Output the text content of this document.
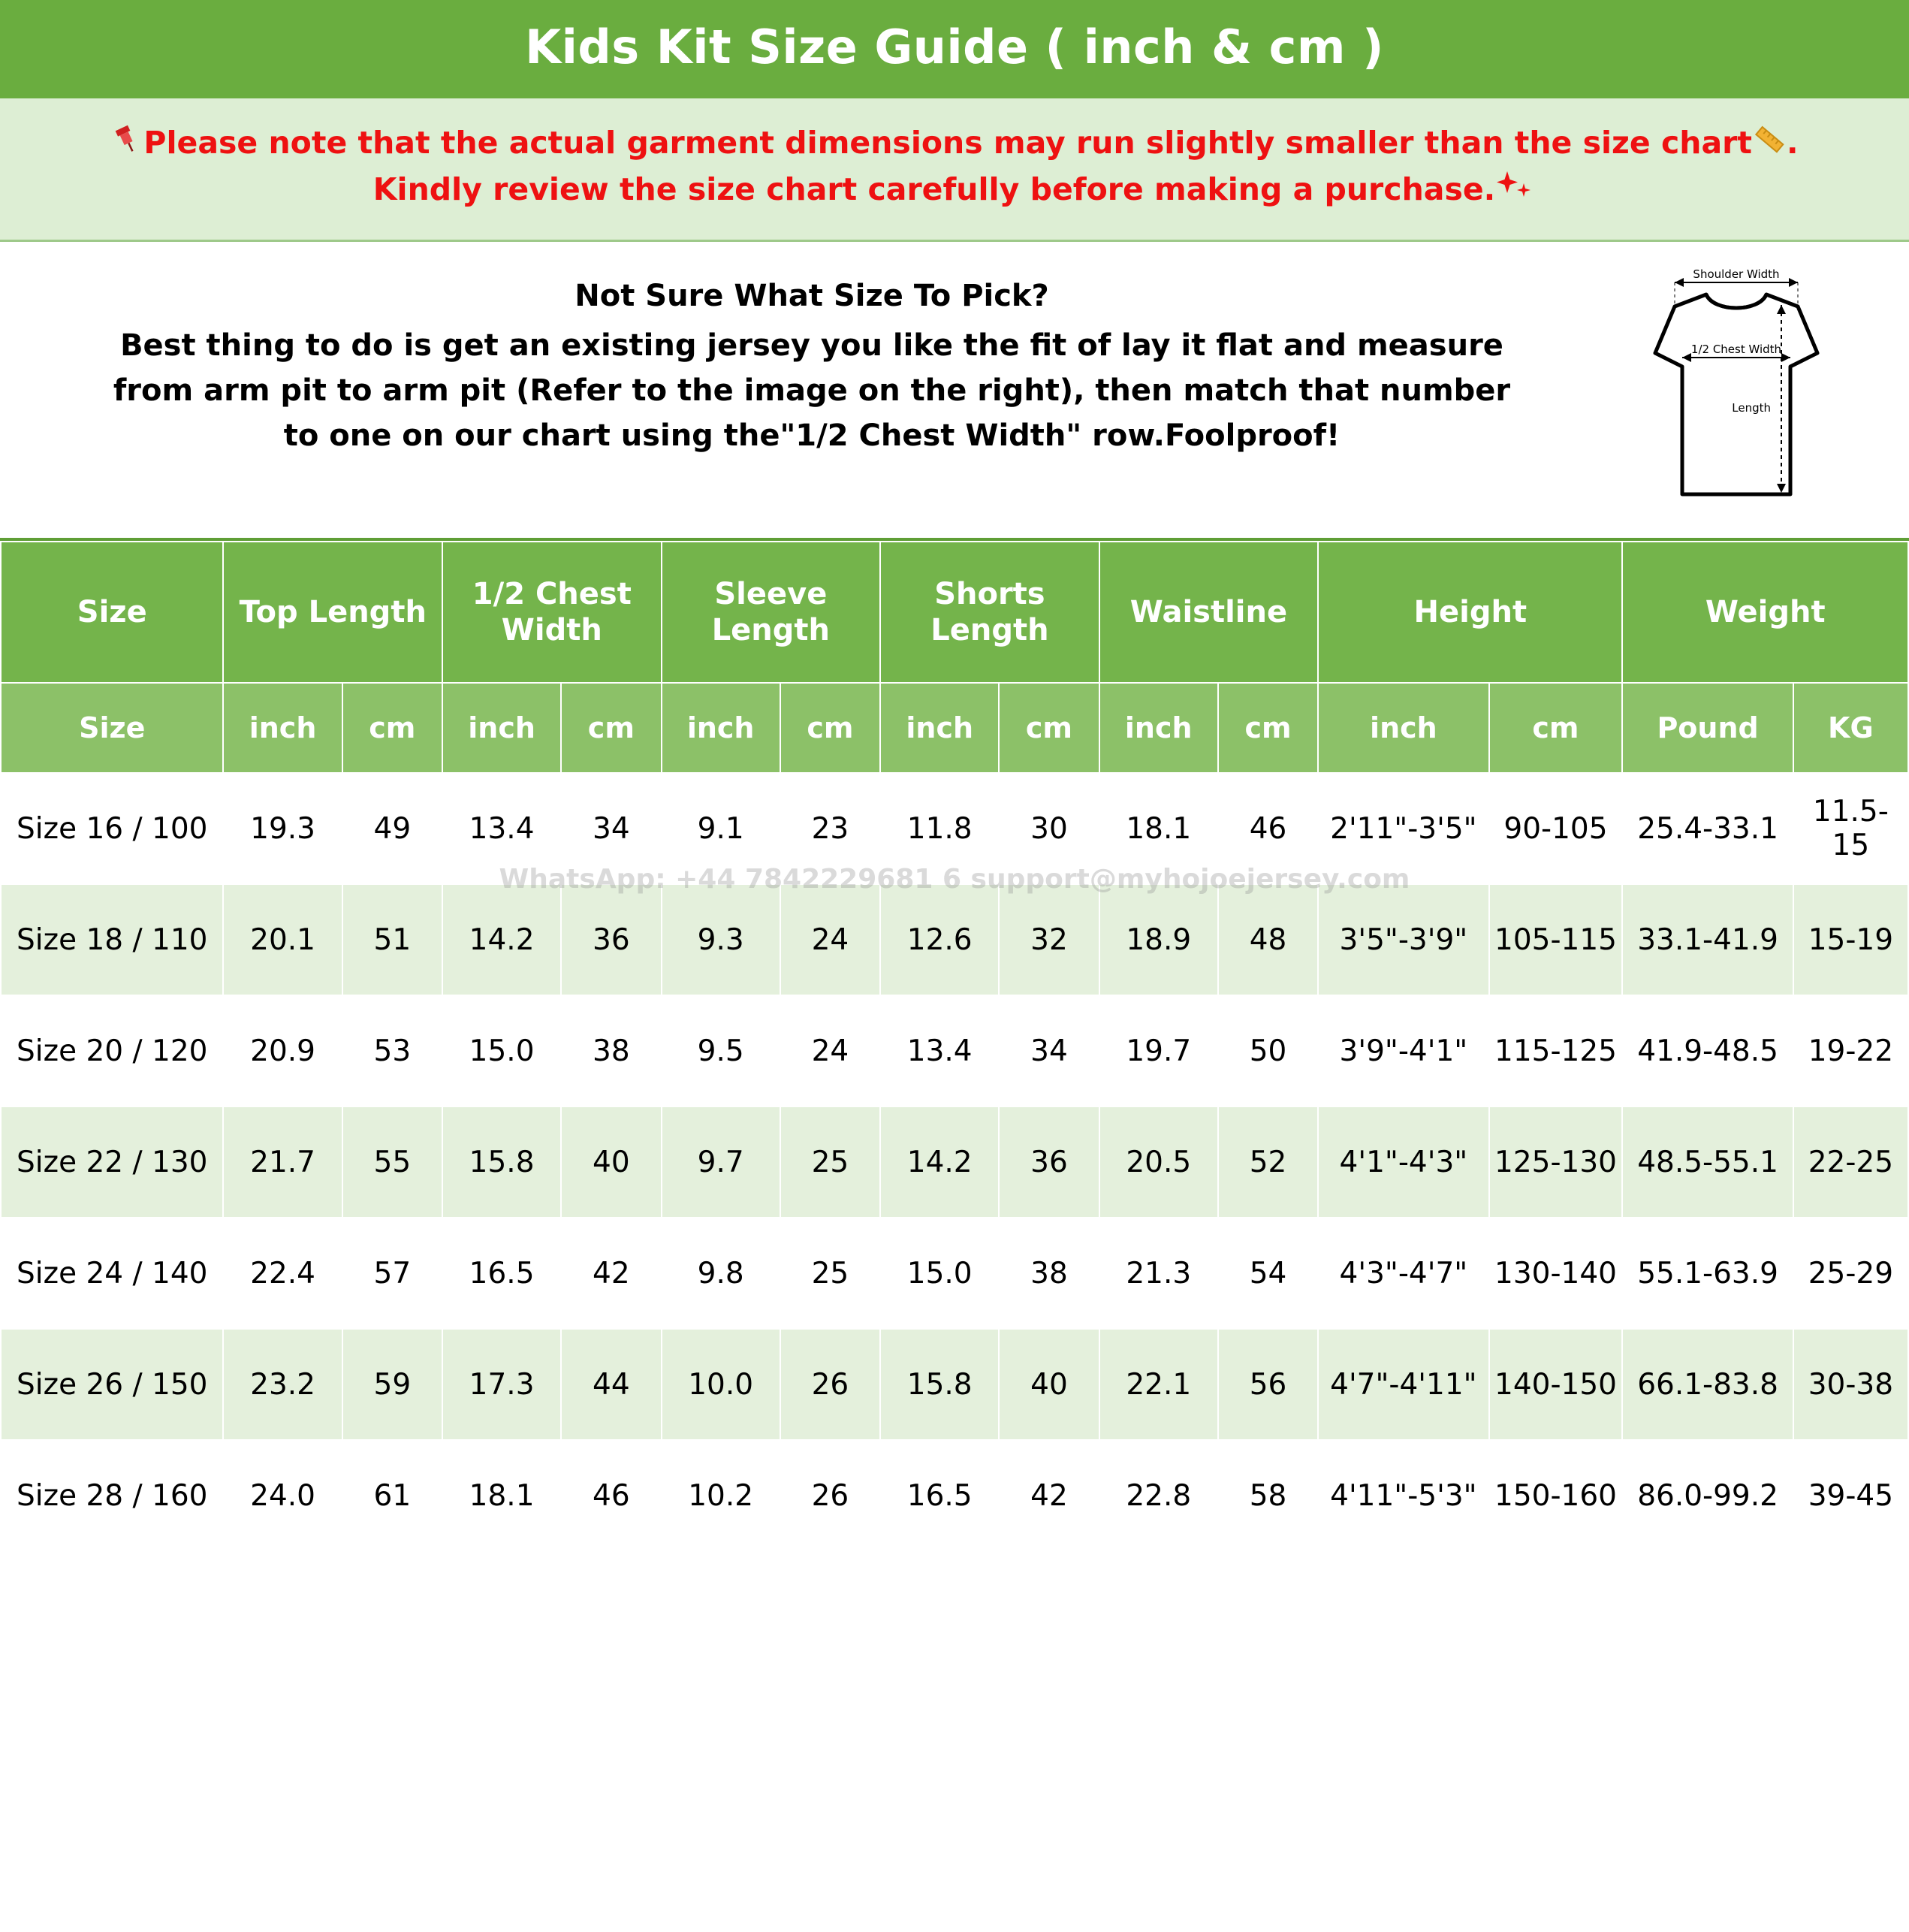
Kids Kit Size Guide ( inch & cm )
Please note that the actual garment dimensions may run slightly smaller than the size chart .
Kindly review the size chart carefully before making a purchase.
Not Sure What Size To Pick?
Best thing to do is get an existing jersey you like the fit of lay it flat and measure
from arm pit to arm pit (Refer to the image on the right), then match that number
to one on our chart using the"1/2 Chest Width" row.Foolproof!
Shoulder Width
1/2 Chest Width
Length
WhatsApp: +44 7842229681 6 support@myhojoejersey.com
Size	Top Length		1/2 Chest Width		Sleeve Length		Shorts Length		Waistline		Height		Weight	
Size	inch	cm	inch	cm	inch	cm	inch	cm	inch	cm	inch	cm	Pound	KG
Size 16 / 100	19.3	49	13.4	34	9.1	23	11.8	30	18.1	46	2'11"-3'5"	90-105	25.4-33.1	11.5-15
Size 18 / 110	20.1	51	14.2	36	9.3	24	12.6	32	18.9	48	3'5"-3'9"	105-115	33.1-41.9	15-19
Size 20 / 120	20.9	53	15.0	38	9.5	24	13.4	34	19.7	50	3'9"-4'1"	115-125	41.9-48.5	19-22
Size 22 / 130	21.7	55	15.8	40	9.7	25	14.2	36	20.5	52	4'1"-4'3"	125-130	48.5-55.1	22-25
Size 24 / 140	22.4	57	16.5	42	9.8	25	15.0	38	21.3	54	4'3"-4'7"	130-140	55.1-63.9	25-29
Size 26 / 150	23.2	59	17.3	44	10.0	26	15.8	40	22.1	56	4'7"-4'11"	140-150	66.1-83.8	30-38
Size 28 / 160	24.0	61	18.1	46	10.2	26	16.5	42	22.8	58	4'11"-5'3"	150-160	86.0-99.2	39-45
